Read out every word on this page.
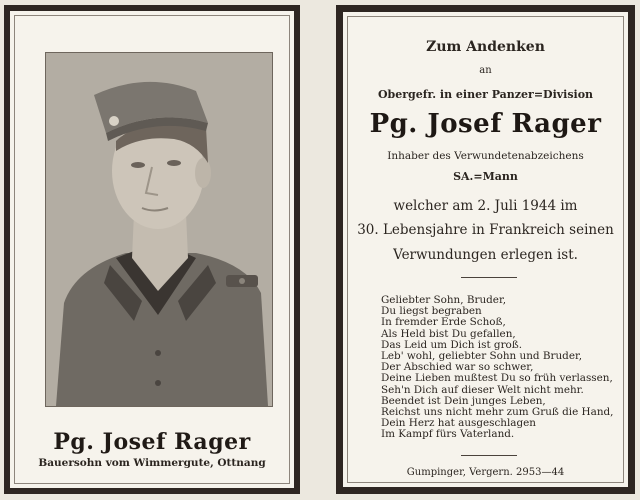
Pg. Josef Rager
Bauersohn vom Wimmergute, Ottnang
Zum Andenken
an
Obergefr. in einer Panzer=Division
Pg. Josef Rager
Inhaber des Verwundetenabzeichens
SA.=Mann
welcher am 2. Juli 1944 im
30. Lebensjahre in Frankreich seinen
Verwundungen erlegen ist.
Geliebter Sohn, Bruder,
Du liegst begraben
In fremder Erde Schoß,
Als Held bist Du gefallen,
Das Leid um Dich ist groß.
Leb' wohl, geliebter Sohn und Bruder,
Der Abschied war so schwer,
Deine Lieben mußtest Du so früh verlassen,
Seh'n Dich auf dieser Welt nicht mehr.
Beendet ist Dein junges Leben,
Reichst uns nicht mehr zum Gruß die Hand,
Dein Herz hat ausgeschlagen
Im Kampf fürs Vaterland.
Gumpinger, Vergern. 2953—44
